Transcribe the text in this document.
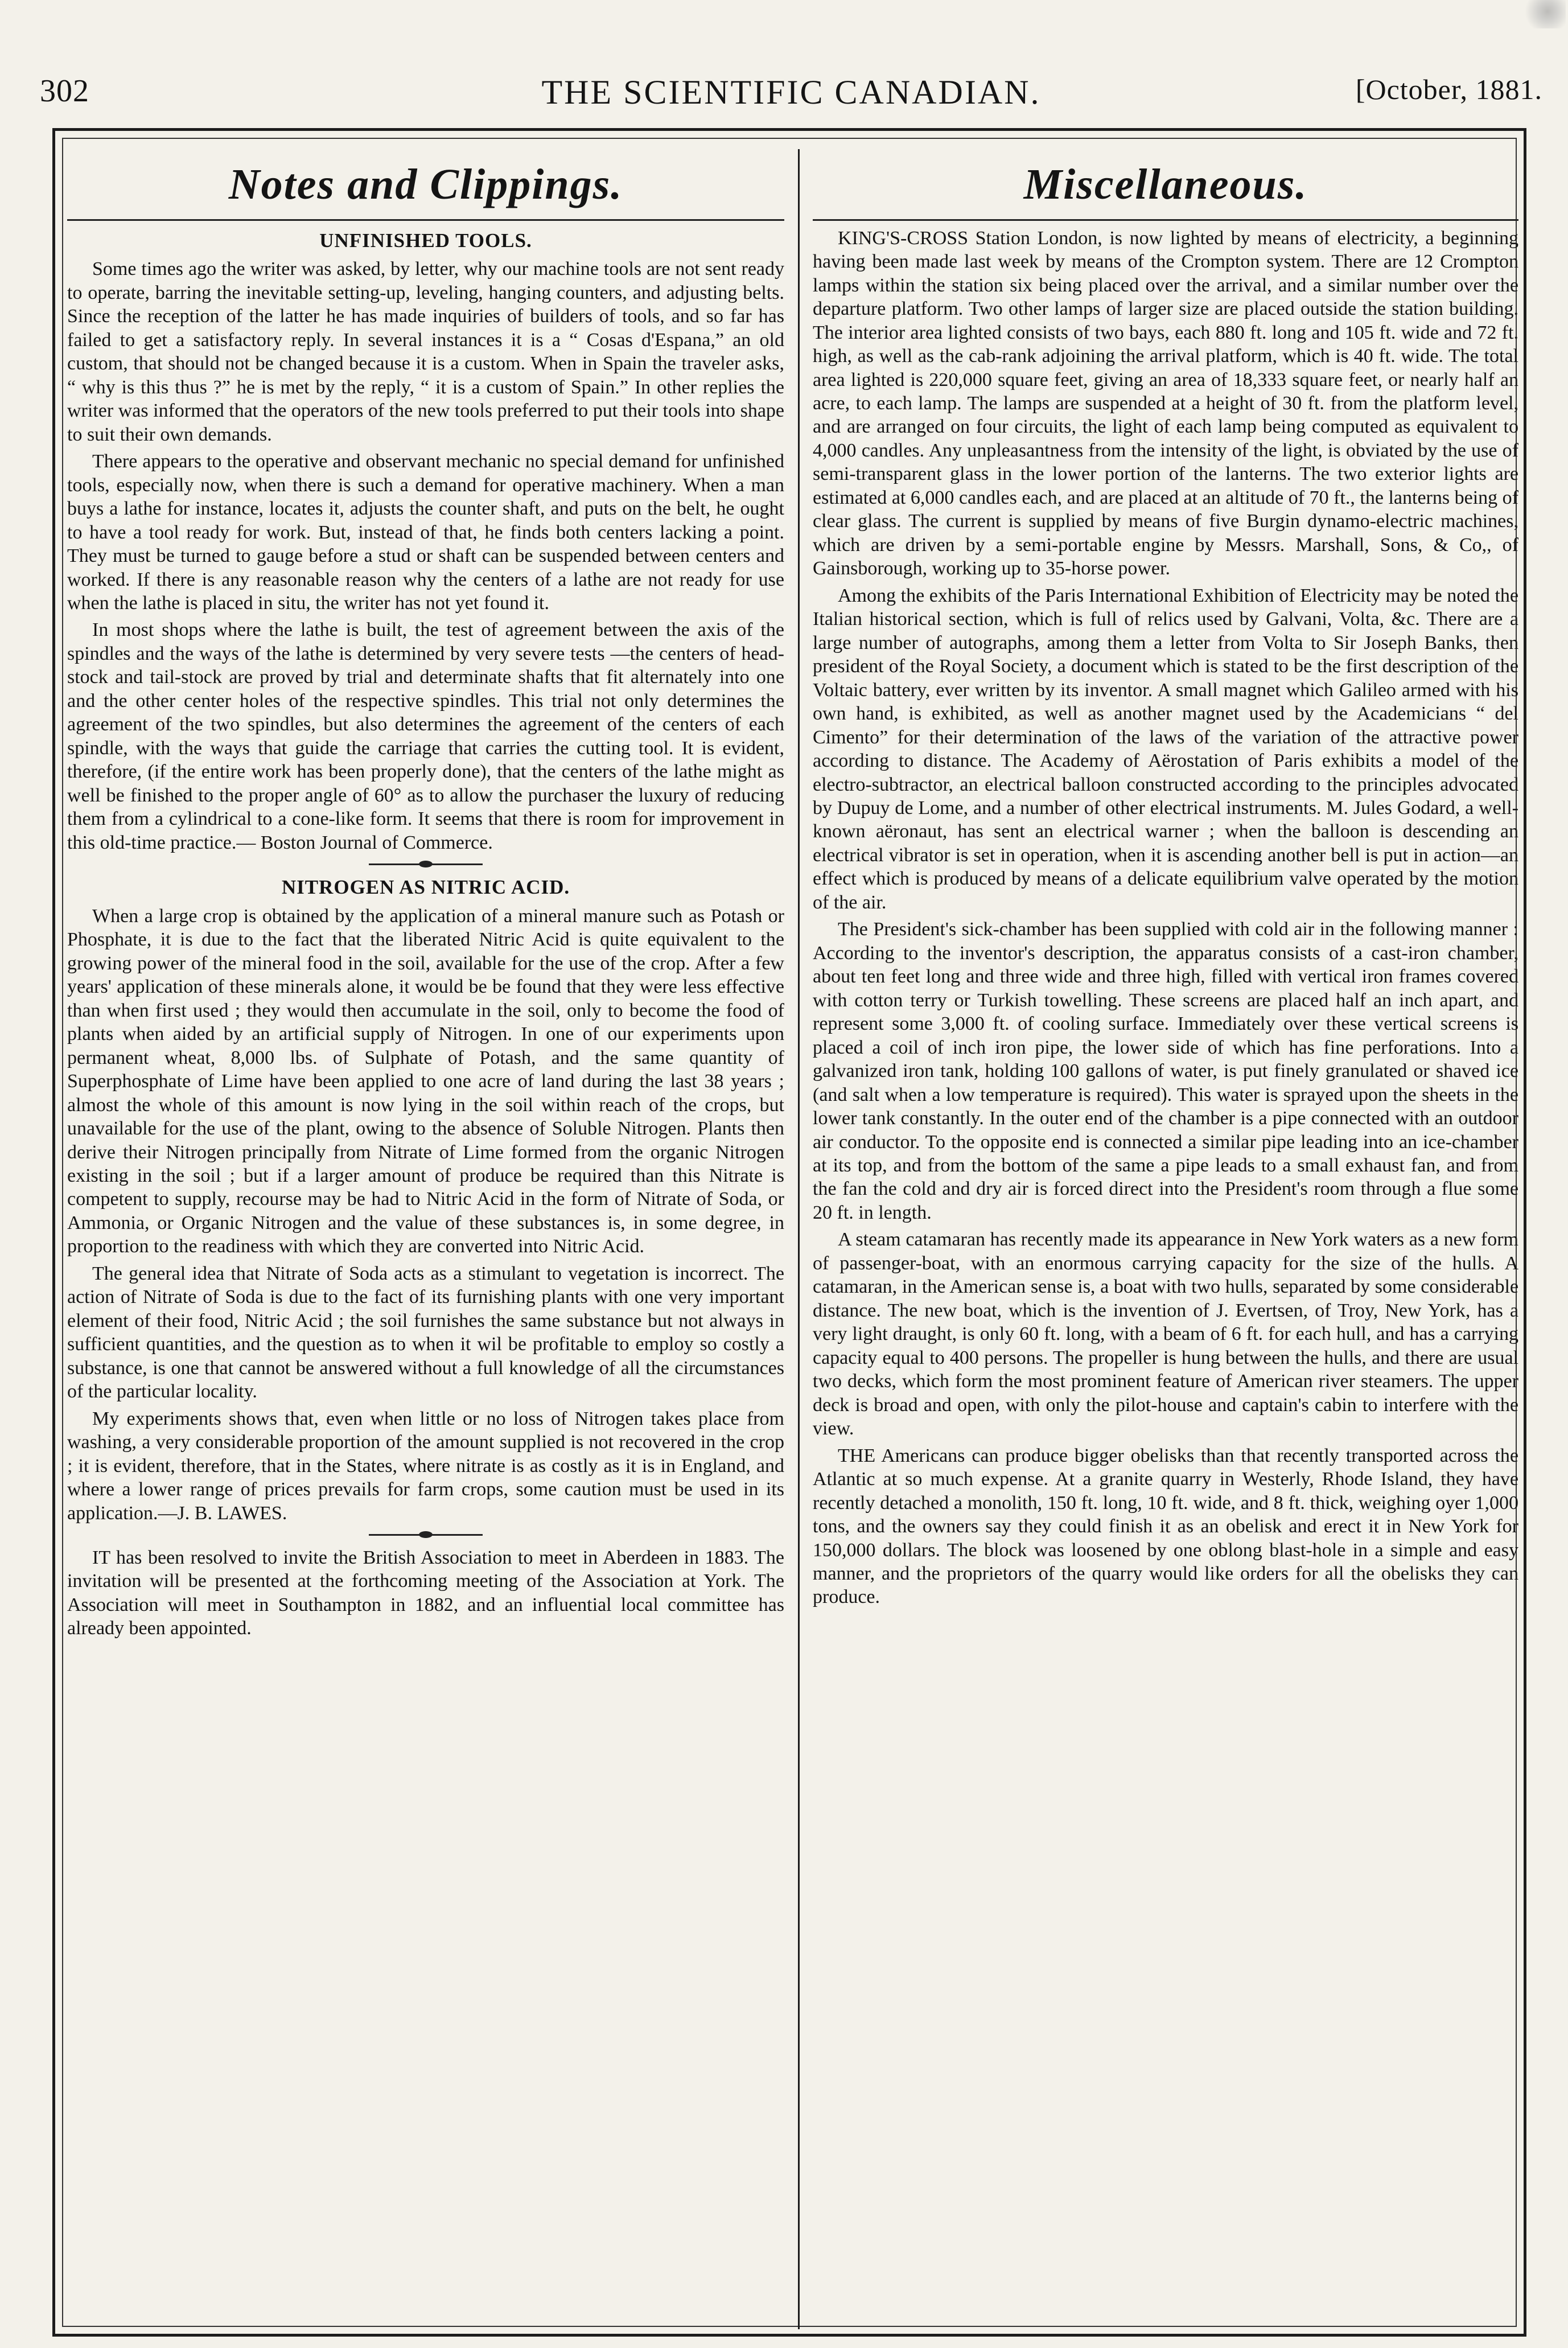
302	THE SCIENTIFIC CANADIAN.	[October, 1881.
Notes and Clippings.
UNFINISHED TOOLS.

Some times ago the writer was asked, by letter, why our machine tools are not sent ready to operate, barring the inevitable setting-up, leveling, hanging counters, and adjusting belts. Since the reception of the latter he has made inquiries of builders of tools, and so far has failed to get a satisfactory reply. In several instances it is a “ Cosas d'Espana,” an old custom, that should not be changed because it is a custom. When in Spain the traveler asks, “ why is this thus ?” he is met by the reply, “ it is a custom of Spain.” In other replies the writer was informed that the operators of the new tools preferred to put their tools into shape to suit their own demands.

There appears to the operative and observant mechanic no special demand for unfinished tools, especially now, when there is such a demand for operative machinery. When a man buys a lathe for instance, locates it, adjusts the counter shaft, and puts on the belt, he ought to have a tool ready for work. But, instead of that, he finds both centers lacking a point. They must be turned to gauge before a stud or shaft can be suspended between centers and worked. If there is any reasonable reason why the centers of a lathe are not ready for use when the lathe is placed in situ, the writer has not yet found it.

In most shops where the lathe is built, the test of agreement between the axis of the spindles and the ways of the lathe is determined by very severe tests —the centers of head-stock and tail-stock are proved by trial and determinate shafts that fit alternately into one and the other center holes of the respective spindles. This trial not only determines the agreement of the two spindles, but also determines the agreement of the centers of each spindle, with the ways that guide the carriage that carries the cutting tool. It is evident, therefore, (if the entire work has been properly done), that the centers of the lathe might as well be finished to the proper angle of 60° as to allow the purchaser the luxury of reducing them from a cylindrical to a cone-like form. It seems that there is room for improvement in this old-time practice.— Boston Journal of Commerce.

NITROGEN AS NITRIC ACID.

When a large crop is obtained by the application of a mineral manure such as Potash or Phosphate, it is due to the fact that the liberated Nitric Acid is quite equivalent to the growing power of the mineral food in the soil, available for the use of the crop. After a few years' application of these minerals alone, it would be be found that they were less effective than when first used ; they would then accumulate in the soil, only to become the food of plants when aided by an artificial supply of Nitrogen. In one of our experiments upon permanent wheat, 8,000 lbs. of Sulphate of Potash, and the same quantity of Superphosphate of Lime have been applied to one acre of land during the last 38 years ; almost the whole of this amount is now lying in the soil within reach of the crops, but unavailable for the use of the plant, owing to the absence of Soluble Nitrogen. Plants then derive their Nitrogen principally from Nitrate of Lime formed from the organic Nitrogen existing in the soil ; but if a larger amount of produce be required than this Nitrate is competent to supply, recourse may be had to Nitric Acid in the form of Nitrate of Soda, or Ammonia, or Organic Nitrogen and the value of these substances is, in some degree, in proportion to the readiness with which they are converted into Nitric Acid.

The general idea that Nitrate of Soda acts as a stimulant to vegetation is incorrect. The action of Nitrate of Soda is due to the fact of its furnishing plants with one very important element of their food, Nitric Acid ; the soil furnishes the same substance but not always in sufficient quantities, and the question as to when it wil be profitable to employ so costly a substance, is one that cannot be answered without a full knowledge of all the circumstances of the particular locality.

My experiments shows that, even when little or no loss of Nitrogen takes place from washing, a very considerable proportion of the amount supplied is not recovered in the crop ; it is evident, therefore, that in the States, where nitrate is as costly as it is in England, and where a lower range of prices prevails for farm crops, some caution must be used in its application.—J. B. LAWES.

IT has been resolved to invite the British Association to meet in Aberdeen in 1883. The invitation will be presented at the forthcoming meeting of the Association at York. The Association will meet in Southampton in 1882, and an influential local committee has already been appointed.

Miscellaneous.

KING'S-CROSS Station London, is now lighted by means of electricity, a beginning having been made last week by means of the Crompton system. There are 12 Crompton lamps within the station six being placed over the arrival, and a similar number over the departure platform. Two other lamps of larger size are placed outside the station building. The interior area lighted consists of two bays, each 880 ft. long and 105 ft. wide and 72 ft. high, as well as the cab-rank adjoining the arrival platform, which is 40 ft. wide. The total area lighted is 220,000 square feet, giving an area of 18,333 square feet, or nearly half an acre, to each lamp. The lamps are suspended at a height of 30 ft. from the platform level, and are arranged on four circuits, the light of each lamp being computed as equivalent to 4,000 candles. Any unpleasantness from the intensity of the light, is obviated by the use of semi-transparent glass in the lower portion of the lanterns. The two exterior lights are estimated at 6,000 candles each, and are placed at an altitude of 70 ft., the lanterns being of clear glass. The current is supplied by means of five Burgin dynamo-electric machines, which are driven by a semi-portable engine by Messrs. Marshall, Sons, & Co,, of Gainsborough, working up to 35-horse power.

Among the exhibits of the Paris International Exhibition of Electricity may be noted the Italian historical section, which is full of relics used by Galvani, Volta, &c. There are a large number of autographs, among them a letter from Volta to Sir Joseph Banks, then president of the Royal Society, a document which is stated to be the first description of the Voltaic battery, ever written by its inventor. A small magnet which Galileo armed with his own hand, is exhibited, as well as another magnet used by the Academicians “ del Cimento” for their determination of the laws of the variation of the attractive power according to distance. The Academy of Aërostation of Paris exhibits a model of the electro-subtractor, an electrical balloon constructed according to the principles advocated by Dupuy de Lome, and a number of other electrical instruments. M. Jules Godard, a well-known aëronaut, has sent an electrical warner ; when the balloon is descending an electrical vibrator is set in operation, when it is ascending another bell is put in action—an effect which is produced by means of a delicate equilibrium valve operated by the motion of the air.

The President's sick-chamber has been supplied with cold air in the following manner : According to the inventor's description, the apparatus consists of a cast-iron chamber, about ten feet long and three wide and three high, filled with vertical iron frames covered with cotton terry or Turkish towelling. These screens are placed half an inch apart, and represent some 3,000 ft. of cooling surface. Immediately over these vertical screens is placed a coil of inch iron pipe, the lower side of which has fine perforations. Into a galvanized iron tank, holding 100 gallons of water, is put finely granulated or shaved ice (and salt when a low temperature is required). This water is sprayed upon the sheets in the lower tank constantly. In the outer end of the chamber is a pipe connected with an outdoor air conductor. To the opposite end is connected a similar pipe leading into an ice-chamber at its top, and from the bottom of the same a pipe leads to a small exhaust fan, and from the fan the cold and dry air is forced direct into the President's room through a flue some 20 ft. in length.

A steam catamaran has recently made its appearance in New York waters as a new form of passenger-boat, with an enormous carrying capacity for the size of the hulls. A catamaran, in the American sense is, a boat with two hulls, separated by some considerable distance. The new boat, which is the invention of J. Evertsen, of Troy, New York, has a very light draught, is only 60 ft. long, with a beam of 6 ft. for each hull, and has a carrying capacity equal to 400 persons. The propeller is hung between the hulls, and there are usual two decks, which form the most prominent feature of American river steamers. The upper deck is broad and open, with only the pilot-house and captain's cabin to interfere with the view.

THE Americans can produce bigger obelisks than that recently transported across the Atlantic at so much expense. At a granite quarry in Westerly, Rhode Island, they have recently detached a monolith, 150 ft. long, 10 ft. wide, and 8 ft. thick, weighing oyer 1,000 tons, and the owners say they could finish it as an obelisk and erect it in New York for 150,000 dollars. The block was loosened by one oblong blast-hole in a simple and easy manner, and the proprietors of the quarry would like orders for all the obelisks they can produce.
